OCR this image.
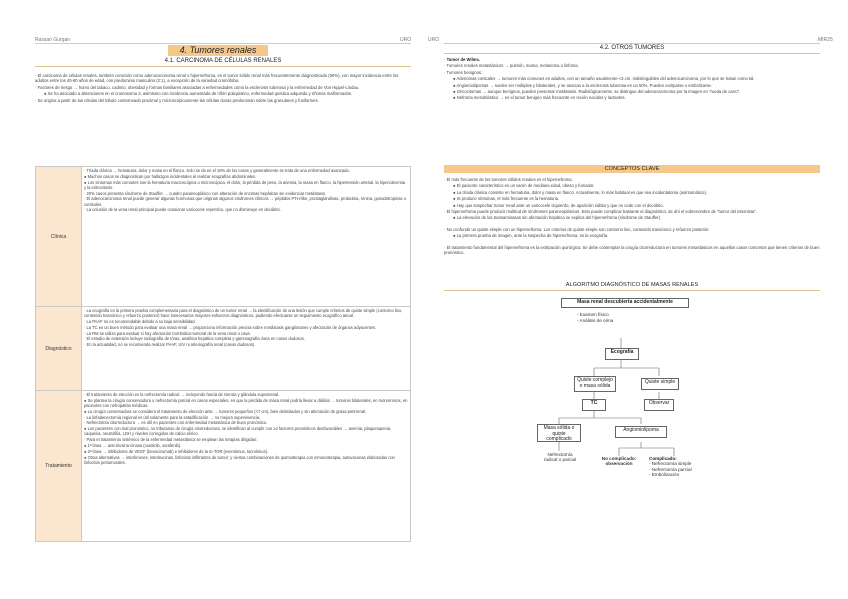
Rassan Gurgan	URO
4. Tumores renales
4.1. CARCINOMA DE CÉLULAS RENALES

· El carcinoma de células renales, también conocido como adenocarcinoma renal o hipernefroma, es el tumor sólido renal más frecuentemente diagnosticado (90%), con mayor incidencia entre los adultos entre los 40-60 años de edad, con predominio masculino (2:1), a excepción de la variedad cromófoba.

· Factores de riesgo → humo del tabaco, cadmio, obesidad y formas familiares asociadas a enfermedades como la esclerosis tuberosa y la enfermedad de Von Hippel-Lindau.

● Se ha asociado a alteraciones en el cromosoma 3, asimismo con incidencia aumentada de riñón poliquístico, enfermedad quística adquirida y riñones malformados.

· Se origina a partir de las células del túbulo contorneado proximal y microscópicamente las células claras predominan sobre las granulares y fusiformes.

Clínica

· Tríada clásica → hematuria, dolor y masa en el flanco. Solo se da en el 10% de los casos y generalmente se trata de una enfermedad avanzada.

● Muchos casos se diagnostican por hallazgos incidentales al realizar ecografías abdominales.

● Los síntomas más comunes son la hematuria macroscópica o microscópica, el dolor, la pérdida de peso, la anemia, la masa en flanco, la hipertensión arterial, la hipercalcemia y la eritrocitosis.

· 20% casos presenta síndrome de Stauffer → cuadro paraneoplásico con alteración de enzimas hepáticas sin evidenciar metástasis.

· El adenocarcinoma renal puede generar algunas hormonas que originan algunos síndromes clínicos → péptidos PTH-like, prostaglandinas, prolactina, renina, gonadotropinas o cortisoles.

· La oclusión de la vena renal principal puede ocasionar varicocele repentino, que no disminuye en decúbito.

Diagnóstico

· La ecografía es la primera prueba complementaria para el diagnóstico de un tumor renal → la identificación de una lesión que cumple criterios de quiste simple (contorno liso, contenido transónico y refuerzo posterior) hace innecesarios mayores esfuerzos diagnósticos, pudiendo efectuarse un seguimiento ecográfico anual.

· La PAAF no es recomendable debido a su baja sensibilidad.

· La TC es un buen método para evaluar una masa renal → proporciona información precisa sobre metástasis ganglionares y afectación de órganos adyacentes.

· La RM se utiliza para evaluar si hay afectación trombótica tumoral de la vena renal o cava.

· El estudio de extensión incluye radiografía de tórax, analítica hepática completa y gammagrafía ósea en casos dudosos.

· En la actualidad, no se recomienda realizar PAAF, UIV ni arteriografía renal (casos dudosos).

Tratamiento

· El tratamiento de elección es la nefrectomía radical → incluyendo fascia de Gerota y glándula suprarrenal.

● Se plantea la cirugía conservadora o nefrectomía parcial en casos especiales, en que la pérdida de masa renal podría llevar a diálisis → tumores bilaterales, en monorrenos, en pacientes con nefropatías médicas.

● La cirugía conservadora se considera el tratamiento de elección ante → tumores pequeños (<7 cm), bien delimitados y sin afectación de grasa perirrenal.

· La linfadenectomía regional es útil solamente para la estadificación → no mejora supervivencia.

· Nefrectomía citorreductora → es útil en pacientes con enfermedad metastásica de buen pronóstico.

● Los pacientes con mal pronóstico, no tributarios de cirugía citorreductora, se identifican al cumplir con ≥4 factores pronósticos desfavorables → anemia, plaquetopenia, caquexia, neutrofilia, LDH y niveles corregidos de calcio sérico.

· Para el tratamiento sistémico de la enfermedad metastásica se emplean las terapias dirigidas:

● 1ª línea → anti-tirosina-cinasa (sunitinib, sorafenib).

● 2ª línea → inhibidores de VEGF (bevacizumab) e inhibidores de la m-TOR (everolimus, tacrolimus).

● Otras alternativas → interferones, interleucinas, lisfocitos infiltrantes de tumor; y ciertas combinaciones de quimioterapia con inmunoterapia, autovacunas elaboradas con linfocitos periumorales.

URO	MIR25
4.2. OTROS TUMORES

· Tumor de Wilms.

· Tumores renales metastásicos → pulmón, mama, melanoma o linfoma.

· Tumores benignos:

● Adenomas corticales → tumores más comunes en adultos, con un tamaño usualmente <3 cm. Indistinguibles del adenocarcinoma, por lo que se tratan como tal.

● Angiomiolipomas → suelen ser múltiples y bilaterales, y se asocian a la esclerosis tuberosa en un 50%. Pueden extirparse o embolizarse.

● Oncocitomas → aunque benignos, pueden presentar metástasis. Radiológicamente, se distingue del adenocarcinoma por la imagen en "rueda de carro".

● Nefroma mesoblástico → es el tumor benigno más frecuente en recién nacidos y lactantes.

CONCEPTOS CLAVE

· El más frecuente de los tumores sólidos renales es el hipernefroma.

● El paciente característico es un varón de mediana edad, obeso y fumador.

● La tríada clásica consiste en hematuria, dolor y masa en flanco. Actualmente, lo más habitual es que sea incidentaloma (asintomático).

● Si produce síntomas, el más frecuente es la hematuria.

● Hay que sospechar tumor renal ante un varicocele izquierdo, de aparición súbita y que no cede con el decúbito.

· El hipernefroma puede producir multitud de síndromes paraneoplásicos. Esto puede complicar bastante el diagnóstico; de ahí el sobrenombre de "tumor del internista".

● La elevación de las transaminasas sin afectación hepática se explica del hipernefroma (síndrome de Stauffer).

· No confundir un quiste simple con un hipernefroma. Los criterios de quiste simple son contorno liso, contenido transónico y refuerzo posterior.

● La primera prueba de imagen, ante la sospecha de hipernefroma, es la ecografía.

· El tratamiento fundamental del hipernefroma es la extirpación quirúrgica. Se debe contemplar la cirugía citorreductora en tumores metastásicos en aquellos casos concretos que tienen criterios de buen pronóstico.

ALGORITMO DIAGNÓSTICO DE MASAS RENALES
Masa renal descubierta accidentalmente
- Examen físico
- Análisis de orina
Ecografía
Quiste complejo o masa sólida
Quiste simple
TC	Observar
Masa sólida o quiste complicado
Angiomiolipoma
Nefrectomía radical o parcial	No complicado: observación
Complicado:
- Nefrectomía simple
- Nefrectomía parcial
- Embolización
